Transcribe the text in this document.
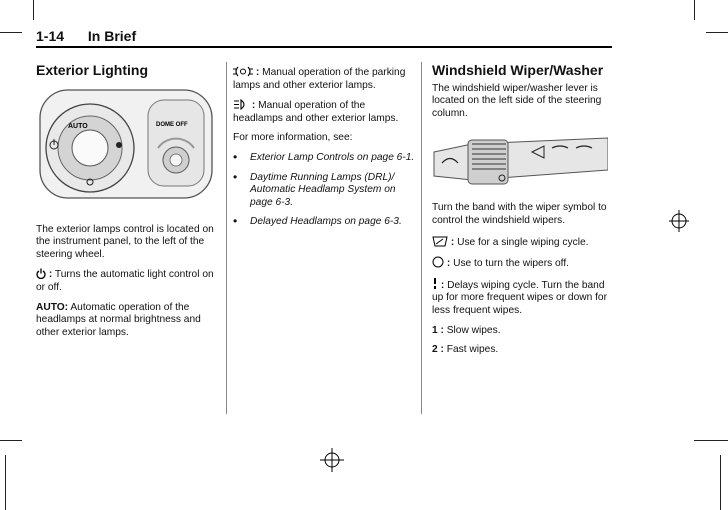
1-14 In Brief
Exterior Lighting
AUTO	DOME OFF

The exterior lamps control is located on the instrument panel, to the left of the steering wheel.

: Turns the automatic light control on or off.

AUTO: Automatic operation of the headlamps at normal brightness and other exterior lamps.

: Manual operation of the parking lamps and other exterior lamps.

: Manual operation of the headlamps and other exterior lamps.

For more information, see:

• Exterior Lamp Controls on page 6-1.
• Daytime Running Lamps (DRL)/ Automatic Headlamp System on page 6-3.
• Delayed Headlamps on page 6-3.
Windshield Wiper/Washer

The windshield wiper/washer lever is located on the left side of the steering column.

Turn the band with the wiper symbol to control the windshield wipers.

: Use for a single wiping cycle.

: Use to turn the wipers off.

: Delays wiping cycle. Turn the band up for more frequent wipes or down for less frequent wipes.

1 : Slow wipes.

2 : Fast wipes.
